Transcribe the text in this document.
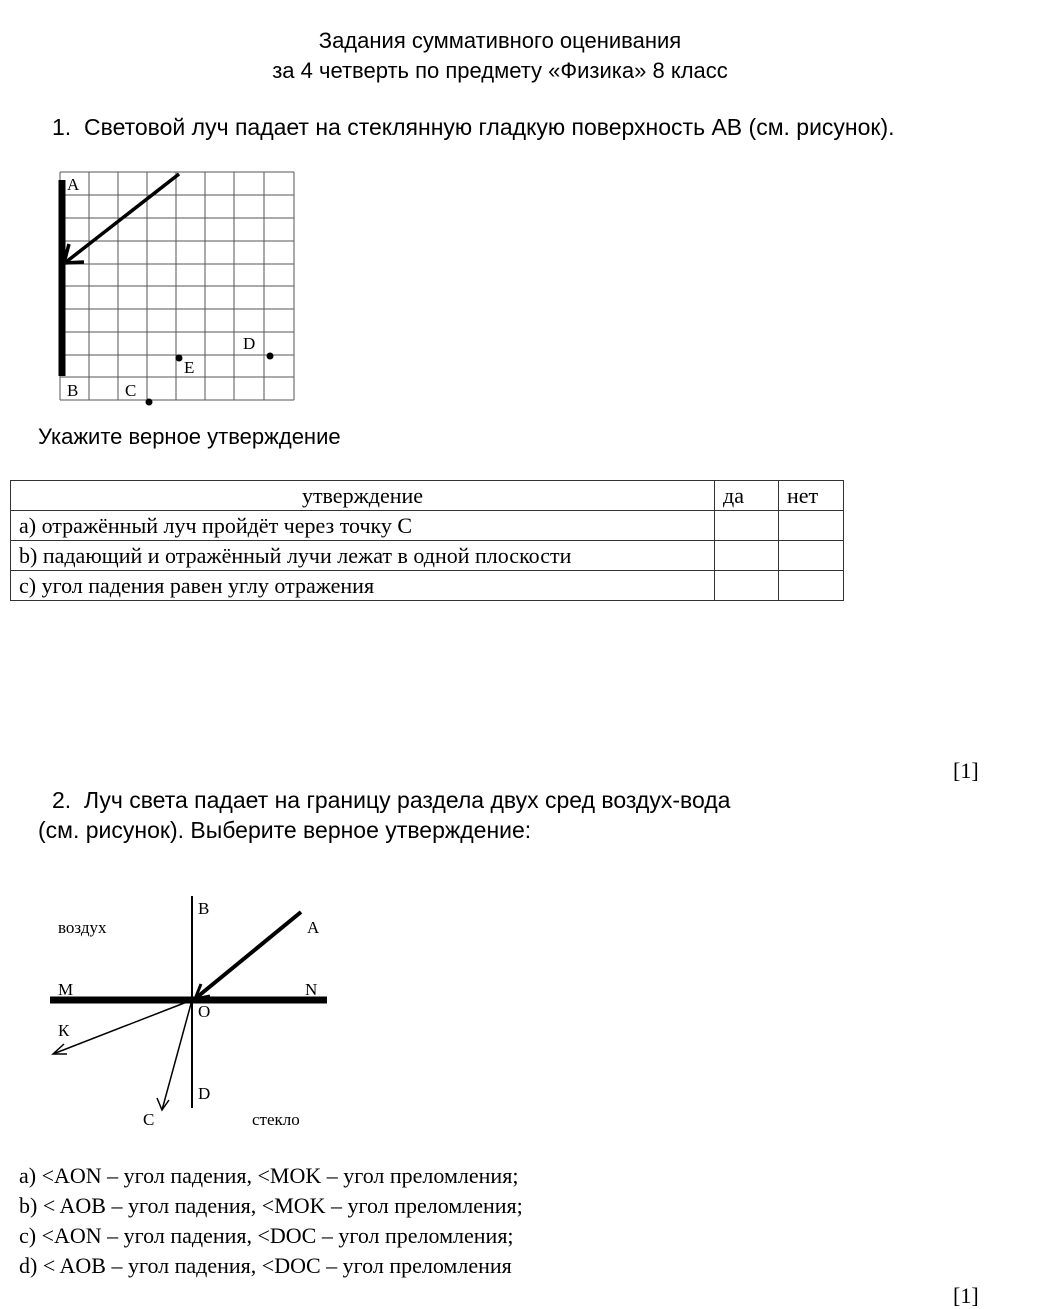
Задания суммативного оценивания
за 4 четверть по предмету «Физика» 8 класс
1. Световой луч падает на стеклянную гладкую поверхность АВ (см. рисунок).
A
D
E
B	C
Укажите верное утверждение
утверждение	да	нет
a) отражённый луч пройдёт через точку С		
b) падающий и отражённый лучи лежат в одной плоскости		
c) угол падения равен углу отражения		
[1]
2. Луч света падает на границу раздела двух сред воздух-вода
(см. рисунок). Выберите верное утверждение:
воздух
стекло
B
A
M	N
O
К
D
C
a) <AON – угол падения, <MOK – угол преломления;
b) < AOB – угол падения, <MOK – угол преломления;
c) <AON – угол падения, <DOC – угол преломления;
d) < AOB – угол падения, <DOC – угол преломления
[1]
